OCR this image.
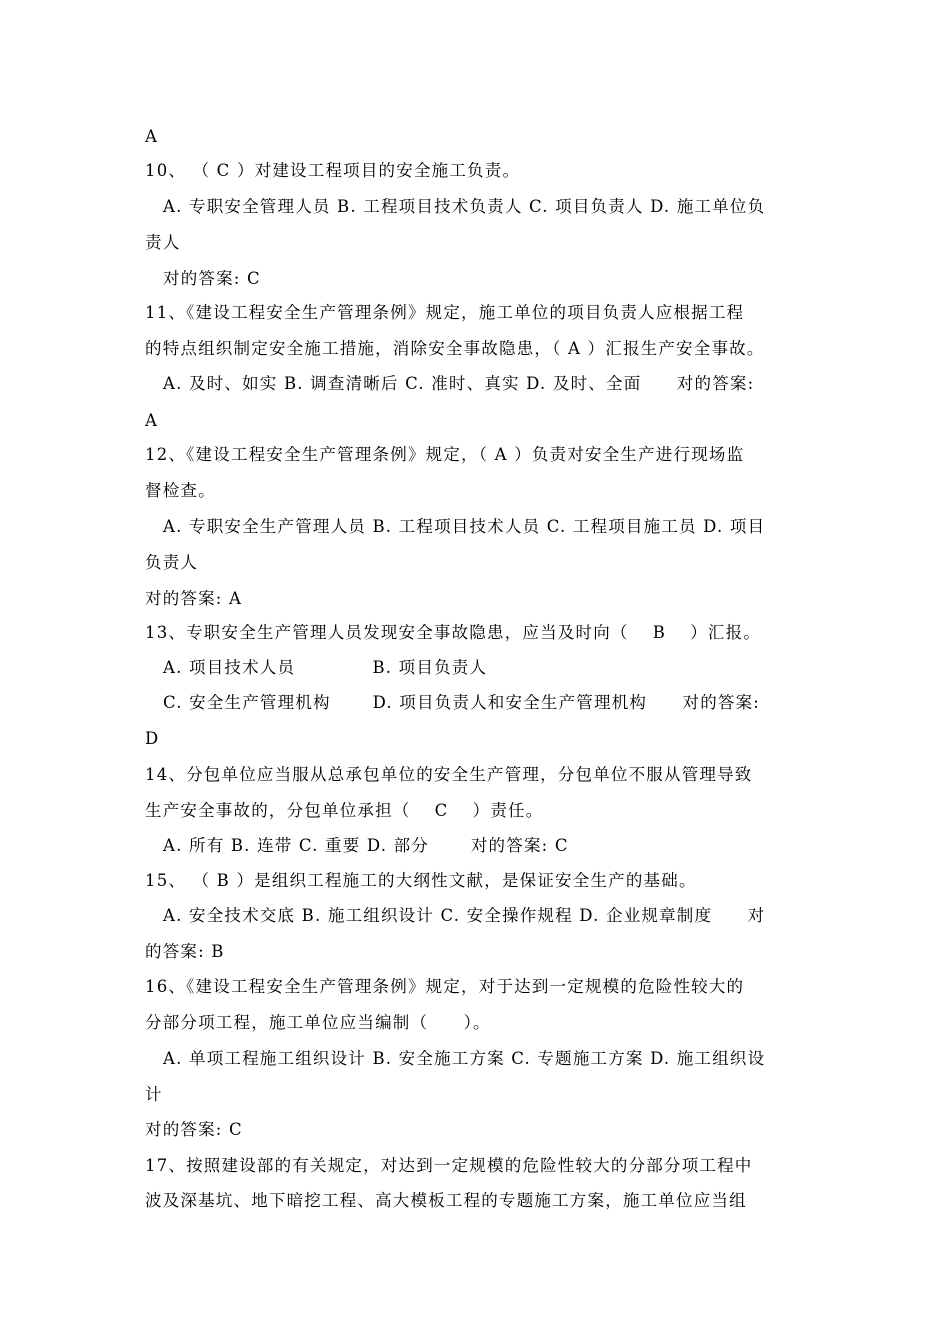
A
10、 （ C ）对建设工程项目的安全施工负责。
A. 专职安全管理人员 B. 工程项目技术负责人 C. 项目负责人 D. 施工单位负
责人
对的答案: C
11、《建设工程安全生产管理条例》规定，施工单位的项目负责人应根据工程
的特点组织制定安全施工措施，消除安全事故隐患，（ A ）汇报生产安全事故。
A. 及时、如实 B. 调查清晰后 C. 准时、真实 D. 及时、全面　　对的答案:
A
12、《建设工程安全生产管理条例》规定，（ A ）负责对安全生产进行现场监
督检查。
A. 专职安全生产管理人员 B. 工程项目技术人员 C. 工程项目施工员 D. 项目
负责人
对的答案: A
13、专职安全生产管理人员发现安全事故隐患，应当及时向（　 B　 ）汇报。
A. 项目技术人员　　　　 B. 项目负责人
C. 安全生产管理机构　　 D. 项目负责人和安全生产管理机构　　对的答案:
D
14、分包单位应当服从总承包单位的安全生产管理，分包单位不服从管理导致
生产安全事故的，分包单位承担（　 C　 ）责任。
A. 所有 B. 连带 C. 重要 D. 部分　　 对的答案: C
15、 （ B ）是组织工程施工的大纲性文献，是保证安全生产的基础。
A. 安全技术交底 B. 施工组织设计 C. 安全操作规程 D. 企业规章制度　　对
的答案: B
16、《建设工程安全生产管理条例》规定，对于达到一定规模的危险性较大的
分部分项工程，施工单位应当编制（　　）。
A. 单项工程施工组织设计 B. 安全施工方案 C. 专题施工方案 D. 施工组织设
计
对的答案: C
17、按照建设部的有关规定，对达到一定规模的危险性较大的分部分项工程中
波及深基坑、地下暗挖工程、高大模板工程的专题施工方案，施工单位应当组
